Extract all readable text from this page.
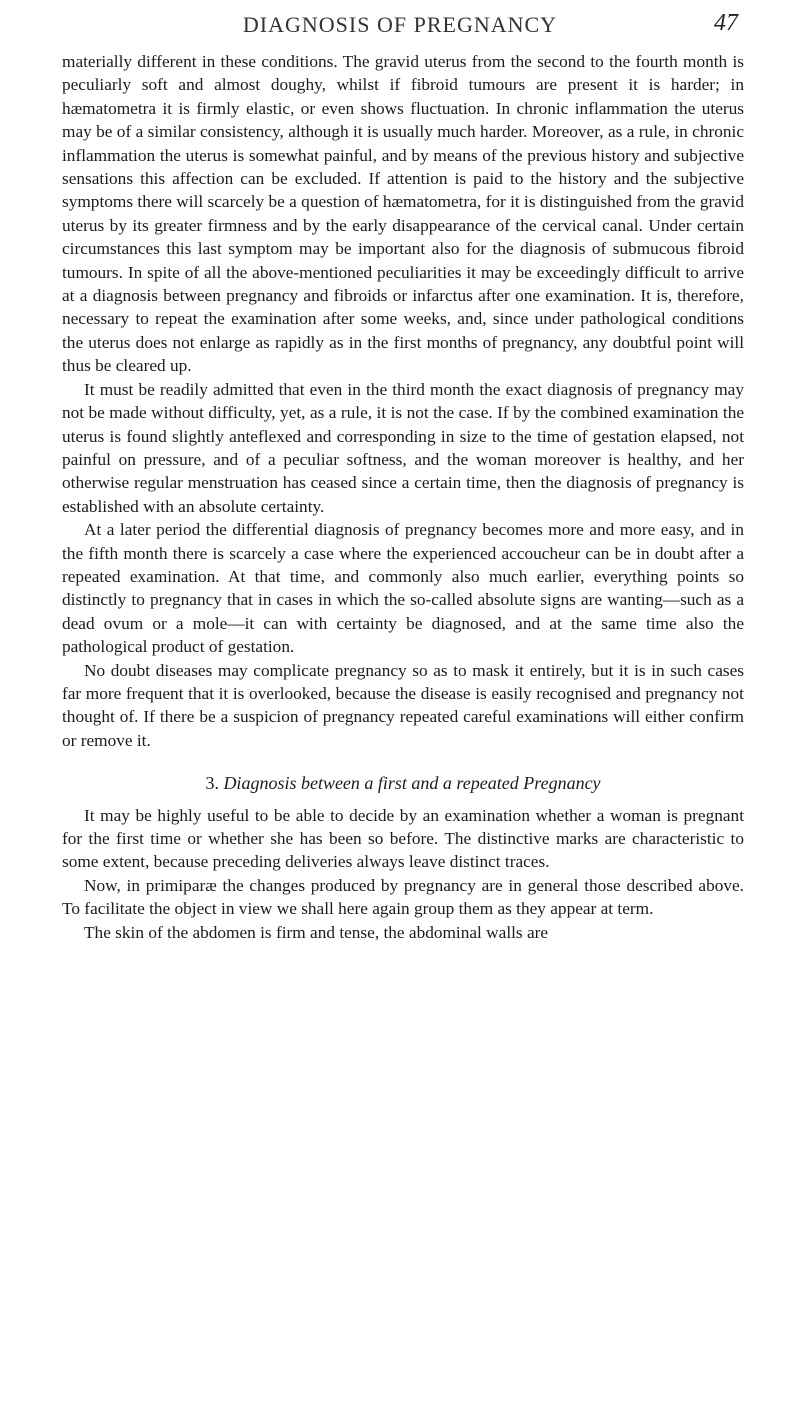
DIAGNOSIS OF PREGNANCY	47

materially different in these conditions. The gravid uterus from the second to the fourth month is peculiarly soft and almost doughy, whilst if fibroid tumours are present it is harder; in hæmatometra it is firmly elastic, or even shows fluctuation. In chronic inflammation the uterus may be of a similar consistency, although it is usually much harder. Moreover, as a rule, in chronic inflammation the uterus is somewhat painful, and by means of the previous history and subjective sensations this affection can be excluded. If attention is paid to the history and the subjective symptoms there will scarcely be a question of hæmatometra, for it is distinguished from the gravid uterus by its greater firmness and by the early disappearance of the cervical canal. Under certain circumstances this last symptom may be important also for the diagnosis of submucous fibroid tumours. In spite of all the above-mentioned peculiarities it may be exceedingly difficult to arrive at a diagnosis between pregnancy and fibroids or infarctus after one examination. It is, therefore, necessary to repeat the examination after some weeks, and, since under pathological conditions the uterus does not enlarge as rapidly as in the first months of pregnancy, any doubtful point will thus be cleared up.

It must be readily admitted that even in the third month the exact diagnosis of pregnancy may not be made without difficulty, yet, as a rule, it is not the case. If by the combined examination the uterus is found slightly anteflexed and corresponding in size to the time of gestation elapsed, not painful on pressure, and of a peculiar softness, and the woman moreover is healthy, and her otherwise regular menstruation has ceased since a certain time, then the diagnosis of pregnancy is established with an absolute certainty.

At a later period the differential diagnosis of pregnancy becomes more and more easy, and in the fifth month there is scarcely a case where the experienced accoucheur can be in doubt after a repeated examination. At that time, and commonly also much earlier, everything points so distinctly to pregnancy that in cases in which the so-called absolute signs are wanting—such as a dead ovum or a mole—it can with certainty be diagnosed, and at the same time also the pathological product of gestation.

No doubt diseases may complicate pregnancy so as to mask it entirely, but it is in such cases far more frequent that it is overlooked, because the disease is easily recognised and pregnancy not thought of. If there be a suspicion of pregnancy repeated careful examinations will either confirm or remove it.

3. Diagnosis between a first and a repeated Pregnancy

It may be highly useful to be able to decide by an examination whether a woman is pregnant for the first time or whether she has been so before. The distinctive marks are characteristic to some extent, because preceding deliveries always leave distinct traces.

Now, in primiparæ the changes produced by pregnancy are in general those described above. To facilitate the object in view we shall here again group them as they appear at term.

The skin of the abdomen is firm and tense, the abdominal walls are
